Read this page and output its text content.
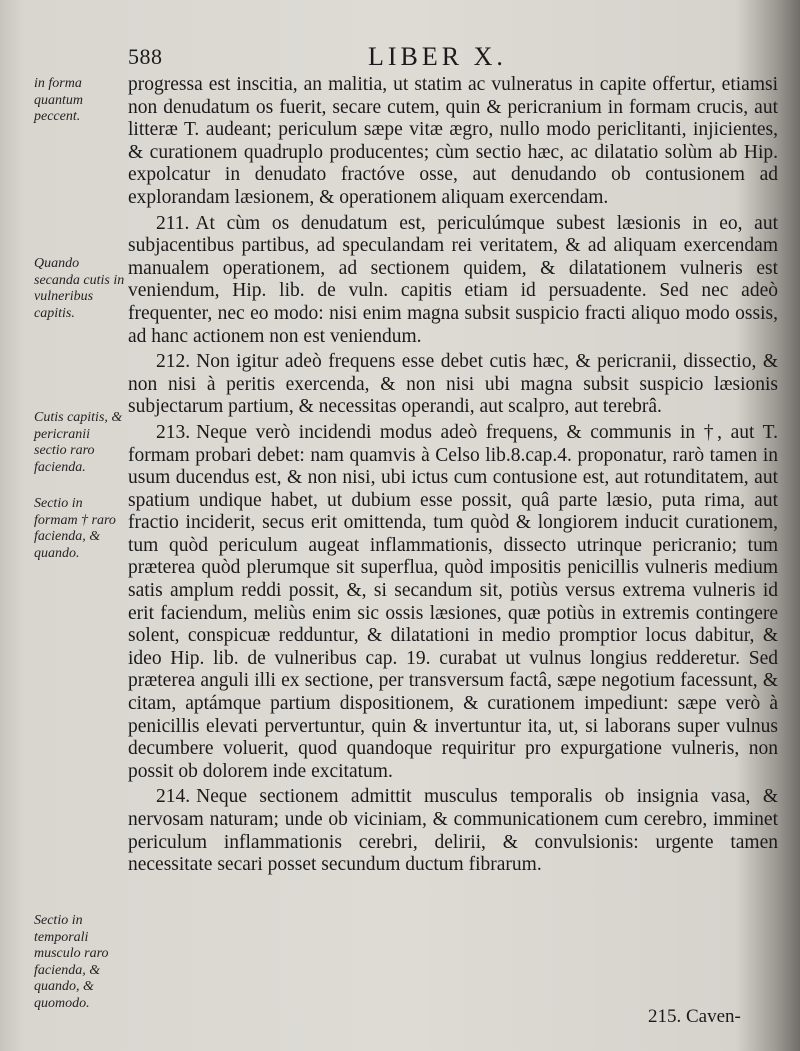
588	LIBER X.
in forma quantum peccent.
Quando secanda cutis in vulneribus capitis.
Cutis capitis, & pericranii sectio raro facienda.
Sectio in formam † raro facienda, & quando.
Sectio in temporali musculo raro facienda, & quando, & quomodo.

progressa est inscitia, an malitia, ut statim ac vulneratus in capite offertur, etiamsi non denudatum os fuerit, secare cutem, quin & pericranium in formam crucis, aut litteræ T. audeant; periculum sæpe vitæ ægro, nullo modo periclitanti, injicientes, & curationem quadruplo producentes; cùm sectio hæc, ac dilatatio solùm ab Hip. expolcatur in denudato fractóve osse, aut denudando ob contusionem ad explorandam læsionem, & operationem aliquam exercendam.

211. At cùm os denudatum est, periculúmque subest læsionis in eo, aut subjacentibus partibus, ad speculandam rei veritatem, & ad aliquam exercendam manualem operationem, ad sectionem quidem, & dilatationem vulneris est veniendum, Hip. lib. de vuln. capitis etiam id persuadente. Sed nec adeò frequenter, nec eo modo: nisi enim magna subsit suspicio fracti aliquo modo ossis, ad hanc actionem non est veniendum.

212. Non igitur adeò frequens esse debet cutis hæc, & pericranii, dissectio, & non nisi à peritis exercenda, & non nisi ubi magna subsit suspicio læsionis subjectarum partium, & necessitas operandi, aut scalpro, aut terebrâ.

213. Neque verò incidendi modus adeò frequens, & communis in †, aut T. formam probari debet: nam quamvis à Celso lib.8.cap.4. proponatur, rarò tamen in usum ducendus est, & non nisi, ubi ictus cum contusione est, aut rotunditatem, aut spatium undique habet, ut dubium esse possit, quâ parte læsio, puta rima, aut fractio inciderit, secus erit omittenda, tum quòd & longiorem inducit curationem, tum quòd periculum augeat inflammationis, dissecto utrinque pericranio; tum præterea quòd plerumque sit superflua, quòd impositis penicillis vulneris medium satis amplum reddi possit, &, si secandum sit, potiùs versus extrema vulneris id erit faciendum, meliùs enim sic ossis læsiones, quæ potiùs in extremis contingere solent, conspicuæ redduntur, & dilatationi in medio promptior locus dabitur, & ideo Hip. lib. de vulneribus cap. 19. curabat ut vulnus longius redderetur. Sed præterea anguli illi ex sectione, per transversum factâ, sæpe negotium facessunt, & citam, aptámque partium dispositionem, & curationem impediunt: sæpe verò à penicillis elevati pervertuntur, quin & invertuntur ita, ut, si laborans super vulnus decumbere voluerit, quod quandoque requiritur pro expurgatione vulneris, non possit ob dolorem inde excitatum.

214. Neque sectionem admittit musculus temporalis ob insignia vasa, & nervosam naturam; unde ob viciniam, & communicationem cum cerebro, imminet periculum inflammationis cerebri, delirii, & convulsionis: urgente tamen necessitate secari posset secundum ductum fibrarum.

215. Caven-
